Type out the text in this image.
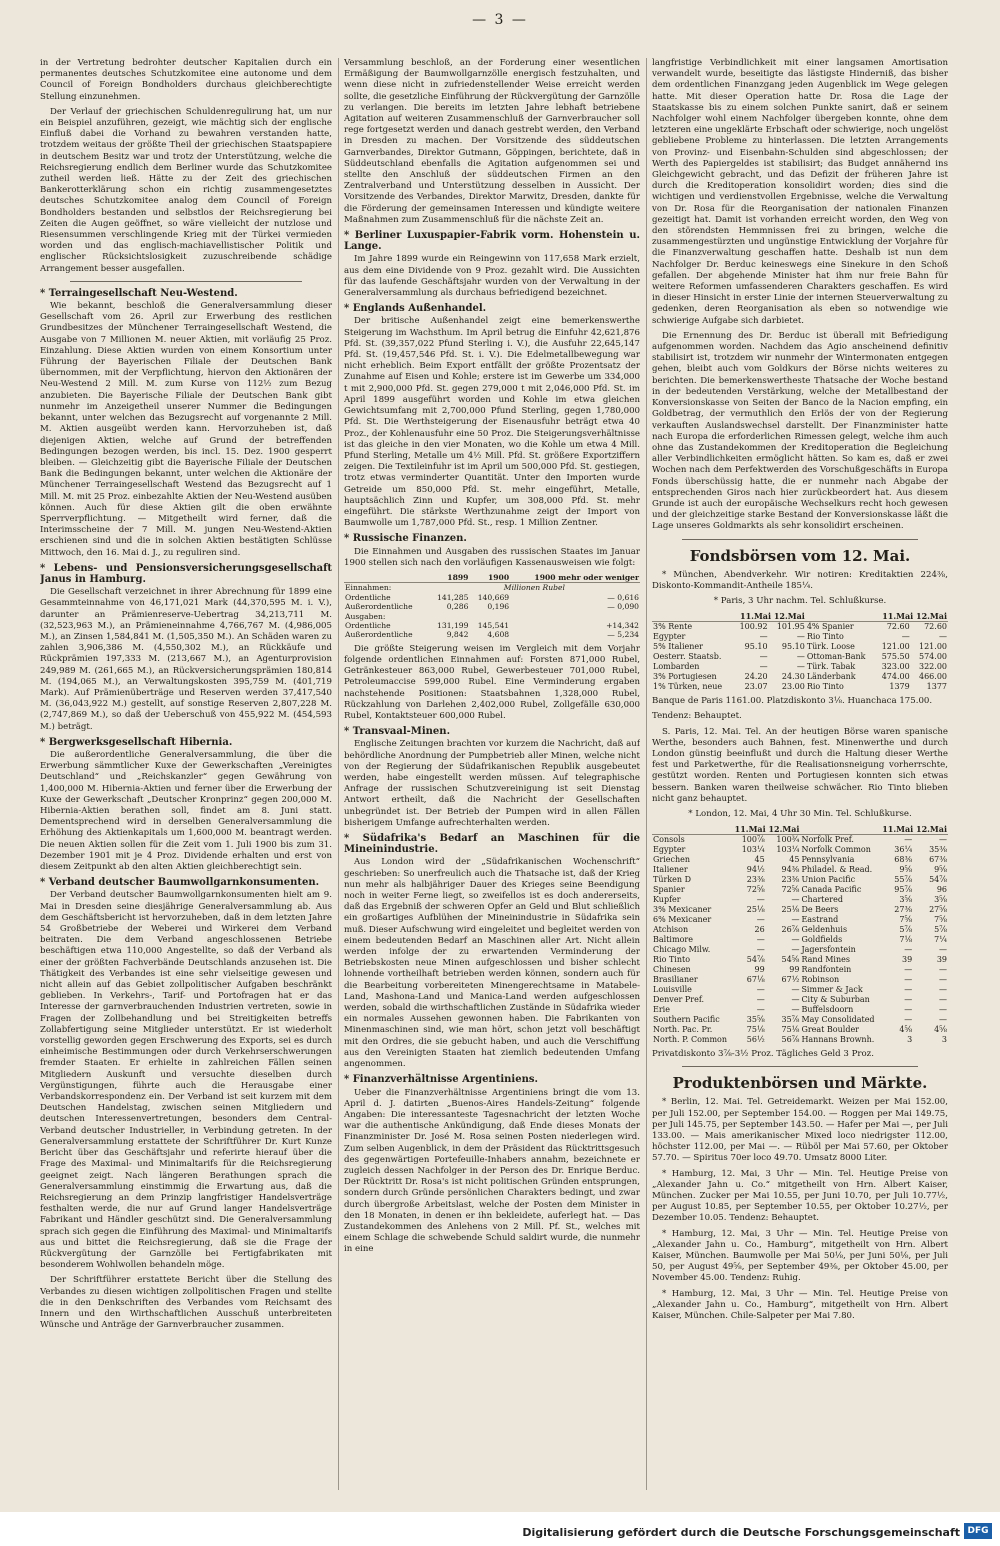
— 3 —

in der Vertretung bedrohter deutscher Kapitalien durch ein permanentes deutsches Schutzkomitee eine autonome und dem Council of Foreign Bondholders durchaus gleichberechtigte Stellung einzunehmen.

Der Verlauf der griechischen Schuldenregulirung hat, um nur ein Beispiel anzuführen, gezeigt, wie mächtig sich der englische Einfluß dabei die Vorhand zu bewahren verstanden hatte, trotzdem weitaus der größte Theil der griechischen Staatspapiere in deutschem Besitz war und trotz der Unterstützung, welche die Reichsregierung endlich dem Berliner wurde das Schutzkomitee zutheil werden ließ. Hätte zu der Zeit des griechischen Bankerotterklärung schon ein richtig zusammengesetztes deutsches Schutzkomitee analog dem Council of Foreign Bondholders bestanden und selbstlos der Reichsregierung bei Zeiten die Augen geöffnet, so wäre vielleicht der nutzlose und Riesensummen verschlingende Krieg mit der Türkei vermieden worden und das englisch-machiavellistischer Politik und englischer Rücksichtslosigkeit zuzuschreibende schädige Arrangement besser ausgefallen.

* Terraingesellschaft Neu-Westend.

Wie bekannt, beschloß die Generalversammlung dieser Gesellschaft vom 26. April zur Erwerbung des restlichen Grundbesitzes der Münchener Terraingesellschaft Westend, die Ausgabe von 7 Millionen M. neuer Aktien, mit vorläufig 25 Proz. Einzahlung. Diese Aktien wurden von einem Konsortium unter Führung der Bayerischen Filiale der Deutschen Bank übernommen, mit der Verpflichtung, hiervon den Aktionären der Neu-Westend 2 Mill. M. zum Kurse von 112½ zum Bezug anzubieten. Die Bayerische Filiale der Deutschen Bank gibt nunmehr im Anzeigetheil unserer Nummer die Bedingungen bekannt, unter welchen das Bezugsrecht auf vorgenannte 2 Mill. M. Aktien ausgeübt werden kann. Hervorzuheben ist, daß diejenigen Aktien, welche auf Grund der betreffenden Bedingungen bezogen werden, bis incl. 15. Dez. 1900 gesperrt bleiben. — Gleichzeitig gibt die Bayerische Filiale der Deutschen Bank die Bedingungen bekannt, unter welchen die Aktionäre der Münchener Terraingesellschaft Westend das Bezugsrecht auf 1 Mill. M. mit 25 Proz. einbezahlte Aktien der Neu-Westend ausüben können. Auch für diese Aktien gilt die oben erwähnte Sperrverpflichtung. — Mitgetheilt wird ferner, daß die Interimsscheine der 7 Mill. M. jungen Neu-Westend-Aktien erschienen sind und die in solchen Aktien bestätigten Schlüsse Mittwoch, den 16. Mai d. J., zu reguliren sind.

* Lebens- und Pensionsversicherungsgesellschaft Janus in Hamburg.

Die Gesellschaft verzeichnet in ihrer Abrechnung für 1899 eine Gesammteinnahme von 46,171,021 Mark (44,370,595 M. i. V.), darunter an Prämienreserve-Uebertrag 34,213,711 M. (32,523,963 M.), an Prämieneinnahme 4,766,767 M. (4,986,005 M.), an Zinsen 1,584,841 M. (1,505,350 M.). An Schäden waren zu zahlen 3,906,386 M. (4,550,302 M.), an Rückkäufe und Rückprämien 197,333 M. (213,667 M.), an Agenturprovision 249,989 M. (261,665 M.), an Rückversicherungsprämien 180,814 M. (194,065 M.), an Verwaltungskosten 395,759 M. (401,719 Mark). Auf Prämienüberträge und Reserven werden 37,417,540 M. (36,043,922 M.) gestellt, auf sonstige Reserven 2,807,228 M. (2,747,869 M.), so daß der Ueberschuß von 455,922 M. (454,593 M.) beträgt.

* Bergwerksgesellschaft Hibernia.

Die außerordentliche Generalversammlung, die über die Erwerbung sämmtlicher Kuxe der Gewerkschaften „Vereinigtes Deutschland“ und „Reichskanzler“ gegen Gewährung von 1,400,000 M. Hibernia-Aktien und ferner über die Erwerbung der Kuxe der Gewerkschaft „Deutscher Kronprinz“ gegen 200,000 M. Hibernia-Aktien berathen soll, findet am 8. Juni statt. Dementsprechend wird in derselben Generalversammlung die Erhöhung des Aktienkapitals um 1,600,000 M. beantragt werden. Die neuen Aktien sollen für die Zeit vom 1. Juli 1900 bis zum 31. Dezember 1901 mit je 4 Proz. Dividende erhalten und erst von diesem Zeitpunkt ab den alten Aktien gleichberechtigt sein.

* Verband deutscher Baumwollgarnkonsumenten.

Der Verband deutscher Baumwollgarnkonsumenten hielt am 9. Mai in Dresden seine diesjährige Generalversammlung ab. Aus dem Geschäftsbericht ist hervorzuheben, daß in dem letzten Jahre 54 Großbetriebe der Weberei und Wirkerei dem Verband beitraten. Die dem Verband angeschlossenen Betriebe beschäftigen etwa 110,000 Angestellte, so daß der Verband als einer der größten Fachverbände Deutschlands anzusehen ist. Die Thätigkeit des Verbandes ist eine sehr vielseitige gewesen und nicht allein auf das Gebiet zollpolitischer Aufgaben beschränkt geblieben. In Verkehrs-, Tarif- und Portofragen hat er das Interesse der garnverbrauchenden Industrien vertreten, sowie in Fragen der Zollbehandlung und bei Streitigkeiten betreffs Zollabfertigung seine Mitglieder unterstützt. Er ist wiederholt vorstellig geworden gegen Erschwerung des Exports, sei es durch einheimische Bestimmungen oder durch Verkehrserschwerungen fremder Staaten. Er erhielte in zahlreichen Fällen seinen Mitgliedern Auskunft und versuchte dieselben durch Vergünstigungen, führte auch die Herausgabe einer Verbandskorrespondenz ein. Der Verband ist seit kurzem mit dem Deutschen Handelstag, zwischen seinen Mitgliedern und deutschen Interessenvertretungen, besonders dem Central-Verband deutscher Industrieller, in Verbindung getreten. In der Generalversammlung erstattete der Schriftführer Dr. Kurt Kunze Bericht über das Geschäftsjahr und referirte hierauf über die Frage des Maximal- und Minimaltarifs für die Reichsregierung geeignet zeigt. Nach längeren Berathungen sprach die Generalversammlung einstimmig die Erwartung aus, daß die Reichsregierung an dem Prinzip langfristiger Handelsverträge festhalten werde, die nur auf Grund langer Handelsverträge Fabrikant und Händler geschützt sind. Die Generalversammlung sprach sich gegen die Einführung des Maximal- und Minimaltarifs aus und bittet die Reichsregierung, daß sie die Frage der Rückvergütung der Garnzölle bei Fertigfabrikaten mit besonderem Wohlwollen behandeln möge.

Der Schriftführer erstattete Bericht über die Stellung des Verbandes zu diesen wichtigen zollpolitischen Fragen und stellte die in den Denkschriften des Verbandes vom Reichsamt des Innern und den Wirthschaftlichen Ausschuß unterbreiteten Wünsche und Anträge der Garnverbraucher zusammen.

Versammlung beschloß, an der Forderung einer wesentlichen Ermäßigung der Baumwollgarnzölle energisch festzuhalten, und wenn diese nicht in zufriedenstellender Weise erreicht werden sollte, die gesetzliche Einführung der Rückvergütung der Garnzölle zu verlangen. Die bereits im letzten Jahre lebhaft betriebene Agitation auf weiteren Zusammenschluß der Garnverbraucher soll rege fortgesetzt werden und danach gestrebt werden, den Verband in Dresden zu machen. Der Vorsitzende des süddeutschen Garnverbandes, Direktor Gutmann, Göppingen, berichtete, daß in Süddeutschland ebenfalls die Agitation aufgenommen sei und stellte den Anschluß der süddeutschen Firmen an den Zentralverband und Unterstützung desselben in Aussicht. Der Vorsitzende des Verbandes, Direktor Marwitz, Dresden, dankte für die Förderung der gemeinsamen Interessen und kündigte weitere Maßnahmen zum Zusammenschluß für die nächste Zeit an.

* Berliner Luxuspapier-Fabrik vorm. Hohenstein u. Lange.

Im Jahre 1899 wurde ein Reingewinn von 117,658 Mark erzielt, aus dem eine Dividende von 9 Proz. gezahlt wird. Die Aussichten für das laufende Geschäftsjahr wurden von der Verwaltung in der Generalversammlung als durchaus befriedigend bezeichnet.

* Englands Außenhandel.

Der britische Außenhandel zeigt eine bemerkenswerthe Steigerung im Wachsthum. Im April betrug die Einfuhr 42,621,876 Pfd. St. (39,357,022 Pfund Sterling i. V.), die Ausfuhr 22,645,147 Pfd. St. (19,457,546 Pfd. St. i. V.). Die Edelmetallbewegung war nicht erheblich. Beim Export entfällt der größte Prozentsatz der Zunahme auf Eisen und Kohle; erstere ist im Gewerbe um 334,000 t mit 2,900,000 Pfd. St. gegen 279,000 t mit 2,046,000 Pfd. St. im April 1899 ausgeführt worden und Kohle im etwa gleichen Gewichtsumfang mit 2,700,000 Pfund Sterling, gegen 1,780,000 Pfd. St. Die Werthsteigerung der Eisenausfuhr beträgt etwa 40 Proz., der Kohlenausfuhr eine 50 Proz. Die Steigerungsverhältnisse ist das gleiche in den vier Monaten, wo die Kohle um etwa 4 Mill. Pfund Sterling, Metalle um 4½ Mill. Pfd. St. größere Exportziffern zeigen. Die Textileinfuhr ist im April um 500,000 Pfd. St. gestiegen, trotz etwas verminderter Quantität. Unter den Importen wurde Getreide um 850,000 Pfd. St. mehr eingeführt, Metalle, hauptsächlich Zinn und Kupfer, um 308,000 Pfd. St. mehr eingeführt. Die stärkste Werthzunahme zeigt der Import von Baumwolle um 1,787,000 Pfd. St., resp. 1 Million Zentner.

* Russische Finanzen.

Die Einnahmen und Ausgaben des russischen Staates im Januar 1900 stellen sich nach den vorläufigen Kassenausweisen wie folgt:

	1899	1900	1900 mehr oder weniger
Einnahmen:	Millionen Rubel		
Ordentliche	141,285	140,669	— 0,616
Außerordentliche	0,286	0,196	— 0,090
Ausgaben:			
Ordentliche	131,199	145,541	+14,342
Außerordentliche	9,842	4,608	— 5,234

Die größte Steigerung weisen im Vergleich mit dem Vorjahr folgende ordentlichen Einnahmen auf: Forsten 871,000 Rubel, Getränkesteuer 863,000 Rubel, Gewerbesteuer 701,000 Rubel, Petroleumaccise 599,000 Rubel. Eine Verminderung ergaben nachstehende Positionen: Staatsbahnen 1,328,000 Rubel, Rückzahlung von Darlehen 2,402,000 Rubel, Zollgefälle 630,000 Rubel, Kontaktsteuer 600,000 Rubel.

* Transvaal-Minen.

Englische Zeitungen brachten vor kurzem die Nachricht, daß auf behördliche Anordnung der Pumpbetrieb aller Minen, welche nicht von der Regierung der Südafrikanischen Republik ausgebeutet werden, habe eingestellt werden müssen. Auf telegraphische Anfrage der russischen Schutzvereinigung ist seit Dienstag Antwort ertheilt, daß die Nachricht der Gesellschaften unbegründet ist. Der Betrieb der Pumpen wird in allen Fällen bisherigem Umfange aufrechterhalten werden.

* Südafrika's Bedarf an Maschinen für die Mineinindustrie.

Aus London wird der „Südafrikanischen Wochenschrift“ geschrieben: So unerfreulich auch die Thatsache ist, daß der Krieg nun mehr als halbjähriger Dauer des Krieges seine Beendigung noch in weiter Ferne liegt, so zweifellos ist es doch andererseits, daß das Ergebniß der schweren Opfer an Geld und Blut schließlich ein großartiges Aufblühen der Mineinindustrie in Südafrika sein muß. Dieser Aufschwung wird eingeleitet und begleitet werden von einem bedeutenden Bedarf an Maschinen aller Art. Nicht allein werden infolge der zu erwartenden Verminderung der Betriebskosten neue Minen aufgeschlossen und bisher schlecht lohnende vortheilhaft betrieben werden können, sondern auch für die Bearbeitung vorbereiteten Minengerechtsame in Matabele-Land, Mashona-Land und Manica-Land werden aufgeschlossen werden, sobald die wirthschaftlichen Zustände in Südafrika wieder ein normales Aussehen gewonnen haben. Die Fabrikanten von Minenmaschinen sind, wie man hört, schon jetzt voll beschäftigt mit den Ordres, die sie gebucht haben, und auch die Verschiffung aus den Vereinigten Staaten hat ziemlich bedeutenden Umfang angenommen.

* Finanzverhältnisse Argentiniens.

Ueber die Finanzverhältnisse Argentiniens bringt die vom 13. April d. J. datirten „Buenos-Aires Handels-Zeitung“ folgende Angaben: Die interessanteste Tagesnachricht der letzten Woche war die authentische Ankündigung, daß Ende dieses Monats der Finanzminister Dr. José M. Rosa seinen Posten niederlegen wird. Zum selben Augenblick, in dem der Präsident das Rücktrittsgesuch des gegenwärtigen Portefeuille-Inhabers annahm, bezeichnete er zugleich dessen Nachfolger in der Person des Dr. Enrique Berduc. Der Rücktritt Dr. Rosa's ist nicht politischen Gründen entsprungen, sondern durch Gründe persönlichen Charakters bedingt, und zwar durch übergroße Arbeitslast, welche der Posten dem Minister in den 18 Monaten, in denen er ihn bekleidete, auferlegt hat. — Das Zustandekommen des Anlehens von 2 Mill. Pf. St., welches mit einem Schlage die schwebende Schuld saldirt wurde, die nunmehr in eine

langfristige Verbindlichkeit mit einer langsamen Amortisation verwandelt wurde, beseitigte das lästigste Hinderniß, das bisher dem ordentlichen Finanzgang jeden Augenblick im Wege gelegen hatte. Mit dieser Operation hatte Dr. Rosa die Lage der Staatskasse bis zu einem solchen Punkte sanirt, daß er seinem Nachfolger wohl einem Nachfolger übergeben konnte, ohne dem letzteren eine ungeklärte Erbschaft oder schwierige, noch ungelöst gebliebene Probleme zu hinterlassen. Die letzten Arrangements von Provinz- und Eisenbahn-Schulden sind abgeschlossen; der Werth des Papiergeldes ist stabilisirt; das Budget annähernd ins Gleichgewicht gebracht, und das Defizit der früheren Jahre ist durch die Kreditoperation konsolidirt worden; dies sind die wichtigen und verdienstvollen Ergebnisse, welche die Verwaltung von Dr. Rosa für die Reorganisation der nationalen Finanzen gezeitigt hat. Damit ist vorhanden erreicht worden, den Weg von den störendsten Hemmnissen frei zu bringen, welche die zusammengestürzten und ungünstige Entwicklung der Vorjahre für die Finanzverwaltung geschaffen hatte. Deshalb ist nun dem Nachfolger Dr. Berduc keineswegs eine Sinekure in den Schoß gefallen. Der abgehende Minister hat ihm nur freie Bahn für weitere Reformen umfassenderen Charakters geschaffen. Es wird in dieser Hinsicht in erster Linie der internen Steuerverwaltung zu gedenken, deren Reorganisation als eben so notwendige wie schwierige Aufgabe sich darbietet.

Die Ernennung des Dr. Berduc ist überall mit Befriedigung aufgenommen worden. Nachdem das Agio anscheinend definitiv stabilisirt ist, trotzdem wir nunmehr der Wintermonaten entgegen gehen, bleibt auch vom Goldkurs der Börse nichts weiteres zu berichten. Die bemerkenswertheste Thatsache der Woche bestand in der bedeutenden Verstärkung, welche der Metallbestand der Konversionskasse von Seiten der Banco de la Nacion empfing, ein Goldbetrag, der vermuthlich den Erlös der von der Regierung verkauften Auslandswechsel darstellt. Der Finanzminister hatte nach Europa die erforderlichen Rimessen gelegt, welche ihm auch ohne das Zustandekommen der Kreditoperation die Begleichung aller Verbindlichkeiten ermöglicht hätten. So kam es, daß er zwei Wochen nach dem Perfektwerden des Vorschußgeschäfts in Europa Fonds überschüssig hatte, die er nunmehr nach Abgabe der entsprechenden Giros nach hier zurückbeordert hat. Aus diesem Grunde ist auch der europäische Wechselkurs recht hoch gewesen und der gleichzeitige starke Bestand der Konversionskasse läßt die Lage unseres Goldmarkts als sehr konsolidirt erscheinen.

Fondsbörsen vom 12. Mai.

* München, Abendverkehr. Wir notiren: Kreditaktien 224⅜, Diskonto-Kommandit-Antheile 185¼.

* Paris, 3 Uhr nachm. Tel. Schlußkurse.

	11.Mai 12.Mai			11.Mai 12.Mai	
3% Rente	100.92	101.95	4% Spanier	72.60	72.60
Egypter	—	—	Rio Tinto	—	—
5% Italiener	95.10	95.10	Türk. Loose	121.00	121.00
Oesterr. Staatsb.	—	—	Ottoman-Bank	575.50	574.00
Lombarden	—	—	Türk. Tabak	323.00	322.00
3% Portugiesen	24.20	24.30	Länderbank	474.00	466.00
1% Türken, neue	23.07	23.00	Rio Tinto	1379	1377

Banque de Paris 1161.00. Platzdiskonto 3⅛. Huanchaca 175.00.

Tendenz: Behauptet.

S. Paris, 12. Mai. Tel. An der heutigen Börse waren spanische Werthe, besonders auch Bahnen, fest. Minenwerthe und durch London günstig beeinflußt und durch die Haltung dieser Werthe fest und Parketwerthe, für die Realisationsneigung vorherrschte, gestützt worden. Renten und Portugiesen konnten sich etwas bessern. Banken waren theilweise schwächer. Rio Tinto blieben nicht ganz behauptet.

* London, 12. Mai, 4 Uhr 30 Min. Tel. Schlußkurse.

	11.Mai 12.Mai			11.Mai 12.Mai	
Consols	100⅞	100¾	Norfolk Pref.	—	—
Egypter	103¼	103¼	Norfolk Common	36¼	35⅜
Griechen	45	45	Pennsylvania	68⅜	67⅜
Italiener	94½	94⅜	Philadel. & Read.	9⅝	9⅝
Türken D	23⅜	23⅜	Union Pacific	55⅞	54⅞
Spanier	72⅝	72⅝	Canada Pacific	95⅞	96
Kupfer	—	—	Chartered	3⅝	3⅝
3% Mexicaner	25⅛	25⅛	De Beers	27⅜	27⅝
6% Mexicaner	—	—	Eastrand	7⅝	7⅝
Atchison	26	26⅞	Geldenhuis	5⅞	5⅞
Baltimore	—	—	Goldfields	7⅛	7¼
Chicago Milw.	—	—	Jagersfontein	—	—
Rio Tinto	54⅞	54⅝	Rand Mines	39	39
Chinesen	99	99	Randfontein	—	—
Brasilianer	67⅛	67½	Robinson	—	—
Louisville	—	—	Simmer & Jack	—	—
Denver Pref.	—	—	City & Suburban	—	—
Erie	—	—	Buffelsdoorn	—	—
Southern Pacific	35⅝	35⅞	May Consolidated	—	—
North. Pac. Pr.	75⅛	75⅛	Great Boulder	4⅝	4⅝
North. P. Common	56½	56⅞	Hannans Brownh.	3	3

Privatdiskonto 3⅞-3½ Proz. Tägliches Geld 3 Proz.

Produktenbörsen und Märkte.

* Berlin, 12. Mai. Tel. Getreidemarkt. Weizen per Mai 152.00, per Juli 152.00, per September 154.00. — Roggen per Mai 149.75, per Juli 145.75, per September 143.50. — Hafer per Mai —, per Juli 133.00. — Mais amerikanischer Mixed loco niedrigster 112.00, höchster 112.00, per Mai —. — Rüböl per Mai 57.60, per Oktober 57.70. — Spiritus 70er loco 49.70. Umsatz 8000 Liter.

* Hamburg, 12. Mai, 3 Uhr — Min. Tel. Heutige Preise von „Alexander Jahn u. Co.“ mitgetheilt von Hrn. Albert Kaiser, München. Zucker per Mai 10.55, per Juni 10.70, per Juli 10.77½, per August 10.85, per September 10.55, per Oktober 10.27½, per Dezember 10.05. Tendenz: Behauptet.

* Hamburg, 12. Mai, 3 Uhr — Min. Tel. Heutige Preise von „Alexander Jahn u. Co., Hamburg“, mitgetheilt von Hrn. Albert Kaiser, München. Baumwolle per Mai 50⅛, per Juni 50⅛, per Juli 50, per August 49⅝, per September 49⅜, per Oktober 45.00, per November 45.00. Tendenz: Ruhig.

* Hamburg, 12. Mai, 3 Uhr — Min. Tel. Heutige Preise von „Alexander Jahn u. Co., Hamburg“, mitgetheilt von Hrn. Albert Kaiser, München. Chile-Salpeter per Mai 7.80.

Digitalisierung gefördert durch die Deutsche Forschungsgemeinschaft DFG
